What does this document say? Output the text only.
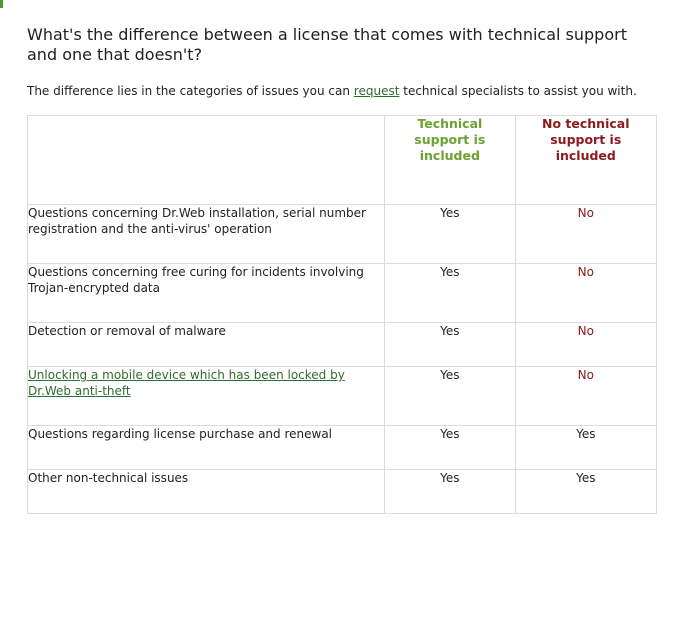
What's the difference between a license that comes with technical support and one that doesn't?

The difference lies in the categories of issues you can request technical specialists to assist you with.

	Technical support is included	No technical support is included
Questions concerning Dr.Web installation, serial number registration and the anti-virus' operation	Yes	No
Questions concerning free curing for incidents involving Trojan-encrypted data	Yes	No
Detection or removal of malware	Yes	No
Unlocking a mobile device which has been locked by Dr.Web anti-theft	Yes	No
Questions regarding license purchase and renewal	Yes	Yes
Other non-technical issues	Yes	Yes
